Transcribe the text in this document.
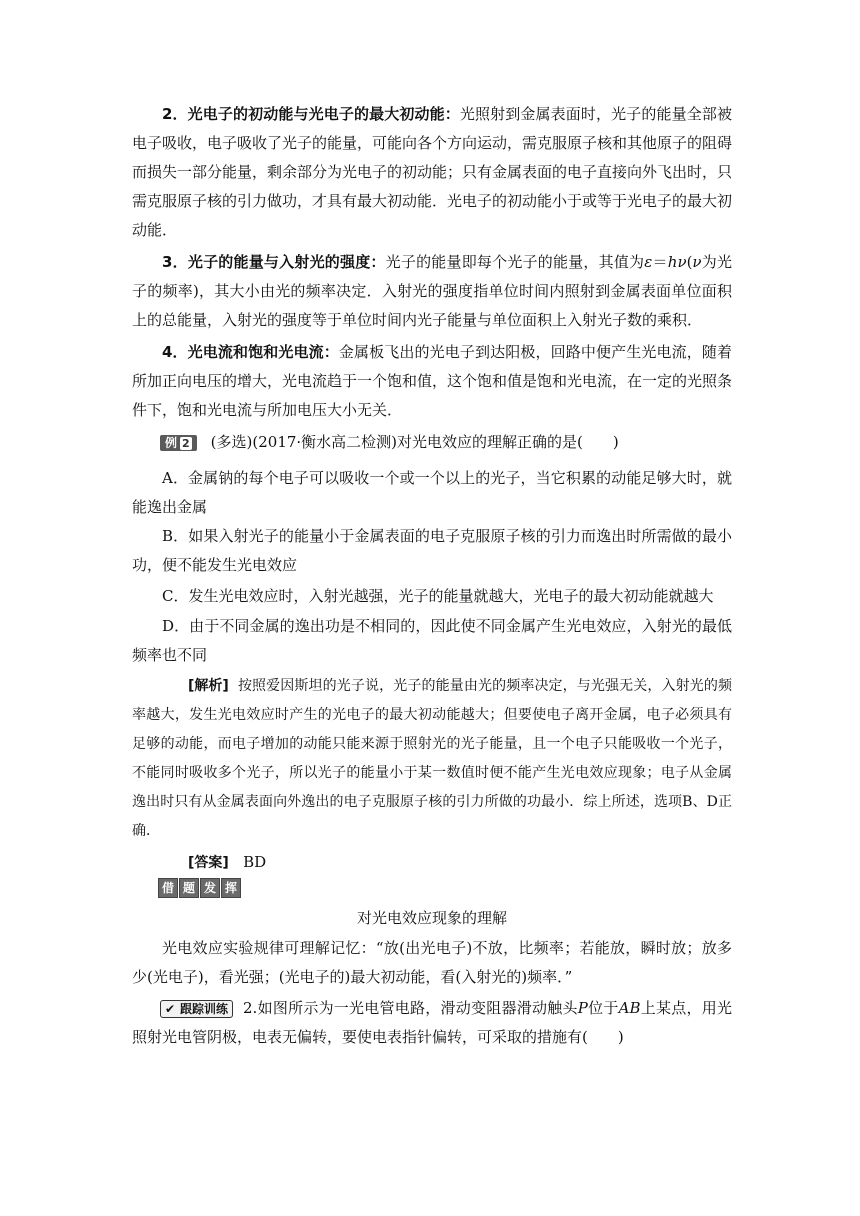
2．光电子的初动能与光电子的最大初动能：光照射到金属表面时，光子的能量全部被电子吸收，电子吸收了光子的能量，可能向各个方向运动，需克服原子核和其他原子的阻碍而损失一部分能量，剩余部分为光电子的初动能；只有金属表面的电子直接向外飞出时，只需克服原子核的引力做功，才具有最大初动能．光电子的初动能小于或等于光电子的最大初动能．

3．光子的能量与入射光的强度：光子的能量即每个光子的能量，其值为ε＝hν(ν为光子的频率)，其大小由光的频率决定．入射光的强度指单位时间内照射到金属表面单位面积上的总能量，入射光的强度等于单位时间内光子能量与单位面积上入射光子数的乘积．

4．光电流和饱和光电流：金属板飞出的光电子到达阳极，回路中便产生光电流，随着所加正向电压的增大，光电流趋于一个饱和值，这个饱和值是饱和光电流，在一定的光照条件下，饱和光电流与所加电压大小无关．

例 2 (多选)(2017·衡水高二检测)对光电效应的理解正确的是(　　)

A．金属钠的每个电子可以吸收一个或一个以上的光子，当它积累的动能足够大时，就能逸出金属

B．如果入射光子的能量小于金属表面的电子克服原子核的引力而逸出时所需做的最小功，便不能发生光电效应

C．发生光电效应时，入射光越强，光子的能量就越大，光电子的最大初动能就越大

D．由于不同金属的逸出功是不相同的，因此使不同金属产生光电效应，入射光的最低频率也不同

[解析] 按照爱因斯坦的光子说，光子的能量由光的频率决定，与光强无关，入射光的频率越大，发生光电效应时产生的光电子的最大初动能越大；但要使电子离开金属，电子必须具有足够的动能，而电子增加的动能只能来源于照射光的光子能量，且一个电子只能吸收一个光子，不能同时吸收多个光子，所以光子的能量小于某一数值时便不能产生光电效应现象；电子从金属逸出时只有从金属表面向外逸出的电子克服原子核的引力所做的功最小．综上所述，选项B、D正确．

[答案] BD

借 题 发 挥

对光电效应现象的理解

光电效应实验规律可理解记忆：“放(出光电子)不放，比频率；若能放，瞬时放；放多少(光电子)，看光强；(光电子的)最大初动能，看(入射光的)频率．”

✔ 跟踪训练 2.如图所示为一光电管电路，滑动变阻器滑动触头P位于AB上某点，用光照射光电管阴极，电表无偏转，要使电表指针偏转，可采取的措施有(　　)
